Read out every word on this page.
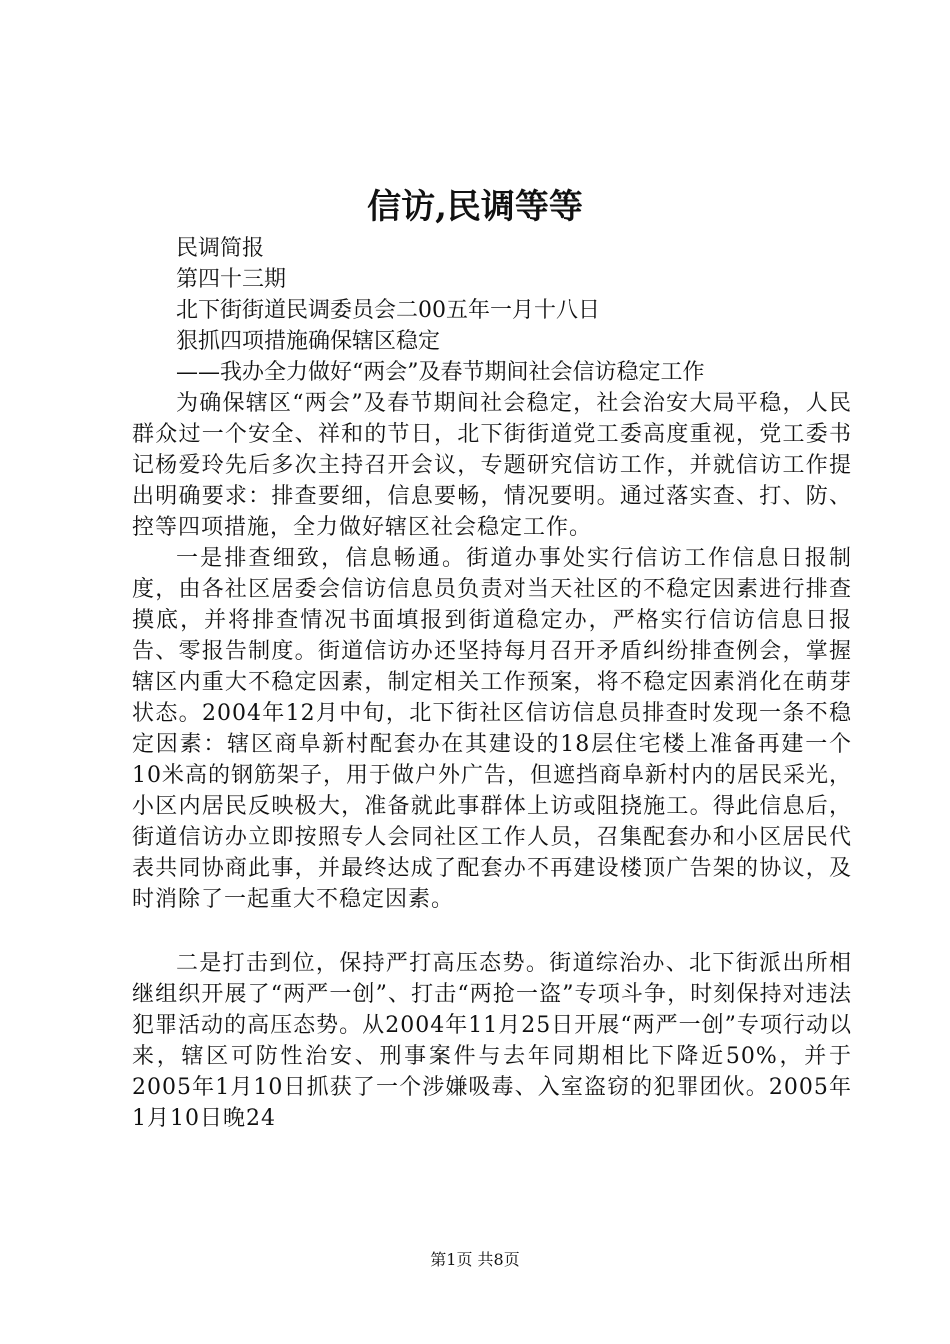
信访,民调等等

民调简报

第四十三期

北下街街道民调委员会二00五年一月十八日

狠抓四项措施确保辖区稳定

——我办全力做好“两会”及春节期间社会信访稳定工作

为确保辖区“两会”及春节期间社会稳定，社会治安大局平稳，人民群众过一个安全、祥和的节日，北下街街道党工委高度重视，党工委书记杨爱玲先后多次主持召开会议，专题研究信访工作，并就信访工作提出明确要求：排查要细，信息要畅，情况要明。通过落实查、打、防、控等四项措施，全力做好辖区社会稳定工作。

一是排查细致，信息畅通。街道办事处实行信访工作信息日报制度，由各社区居委会信访信息员负责对当天社区的不稳定因素进行排查摸底，并将排查情况书面填报到街道稳定办，严格实行信访信息日报告、零报告制度。街道信访办还坚持每月召开矛盾纠纷排查例会，掌握辖区内重大不稳定因素，制定相关工作预案，将不稳定因素消化在萌芽状态。2004年12月中旬，北下街社区信访信息员排查时发现一条不稳定因素：辖区商阜新村配套办在其建设的18层住宅楼上准备再建一个10米高的钢筋架子，用于做户外广告，但遮挡商阜新村内的居民采光，小区内居民反映极大，准备就此事群体上访或阻挠施工。得此信息后，街道信访办立即按照专人会同社区工作人员，召集配套办和小区居民代表共同协商此事，并最终达成了配套办不再建设楼顶广告架的协议，及时消除了一起重大不稳定因素。

二是打击到位，保持严打高压态势。街道综治办、北下街派出所相继组织开展了“两严一创”、打击“两抢一盗”专项斗争，时刻保持对违法犯罪活动的高压态势。从2004年11月25日开展“两严一创”专项行动以来，辖区可防性治安、刑事案件与去年同期相比下降近50%，并于2005年1月10日抓获了一个涉嫌吸毒、入室盗窃的犯罪团伙。2005年1月10日晚24

第1页 共8页
